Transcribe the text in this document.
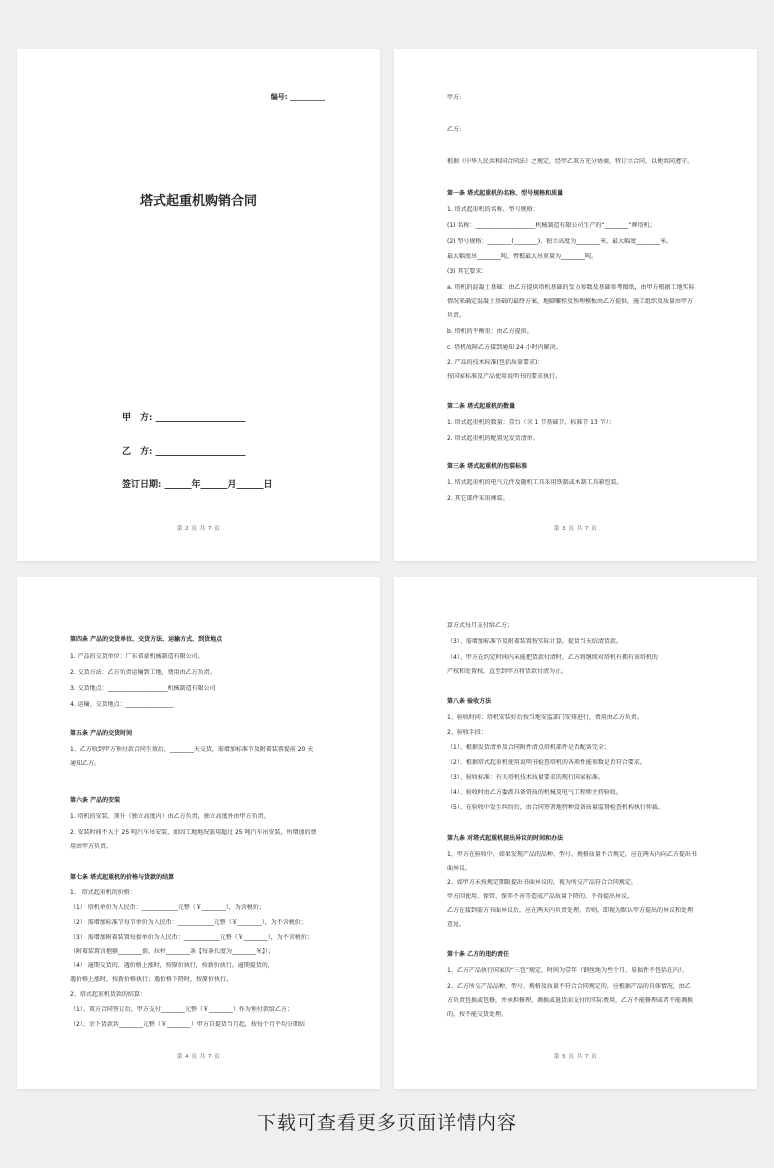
编号: __________
塔式起重机购销合同
甲　方: ____________________
乙　方: ____________________
签订日期: ______年______月______日
第 2 页 共 7 页
甲方:
乙方:
根据《中华人民共和国合同法》之规定，经甲乙双方充分协商，特订立合同，以便共同遵守。
第一条 塔式起重机的名称、型号规格和质量
1. 塔式起重机的名称、型号规格：
(1) 名称：____________________机械制造有限公司生产的“________”牌塔机；
(2) 型号规格：________(________)，独立高度为________米，最大幅度________米，
最大幅度吊________吨，臂根最大吊重量为________吨。
(3) 其它要求：
a. 塔机的混凝土基础：由乙方提供塔机基础的受力参数及基础参考图纸，由甲方根据工地实际
情况来确定混凝土基础的最终方案，地脚螺栓及预埋模板由乙方提供，施工组织及质量由甲方
负责。
b. 塔机的平衡重：由乙方提供。
c. 塔机故障乙方接到通知 24 小时内解决。
2. 产品的技术标准(包括质量要求)：
按国家标准及产品使用说明书的要求执行。
第二条 塔式起重机的数量
1. 塔式起重机的数量：壹台（含 1 节基础节、标准节 13 节）；
2. 塔式起重机的配置见发货清单。
第三条 塔式起重机的包装标准
1. 塔式起重机的电气元件及随机工具采用铁制或木制工具箱包装。
2. 其它部件采用裸装。
第 3 页 共 7 页
第四条 产品的交货单位、交货方法、运输方式、到货地点
1. 产品的交货单位：广东省豪机械制造有限公司。
2. 交货方法：乙方负责运输到工地，费用由乙方负责。
3. 交货地点：____________________机械制造有限公司
4. 运输、交货地点：________________
第五条 产品的交货时间
1、乙方收到甲方预付款合同生效后，________天交货，需增加标准节及附着装置提前 20 天
通知乙方。
第六条 产品的安装
1. 塔机的安装、顶升（独立高度内）由乙方负责，独立高度外由甲方负责。
2. 安装时间不大于 25 吨汽车吊安装，如因工地地况需用超过 25 吨汽车吊安装，所增加的费
用由甲方负责。
第七条 塔式起重机的价格与货款的结算
1、 塔式起重机的价格：
（1） 塔机单价为人民币：____________元整（￥________），为含税价；
（2） 需增加标准节每节单价为人民币：____________元整（￥________），为不含税价；
（3） 需增加附着装置每套单价为人民币：____________元整（￥________），为不含税价；
（附着装置含抱箍________套，拉杆________条【每条长度为________米】）；
（4） 逾期交货的，遇价格上涨时，按原价执行，按新价执行。逾期提货的，
遇价格上涨时，按新价格执行；遇价格下降时，按原价执行。
2、塔式起重机货款的结算：
（1）、双方合同签订后，甲方支付________元整（￥________）作为预付款给乙方；
（2）、余下货款共________元整（￥________）甲方自提货当月起，按每个月平均分期结
第 4 页 共 7 页
算方式每月支付给乙方；
（3）、需增加标准节及附着装置按实际计算，提货当天结清货款。
（4）、甲方在约定时间内未能把货款付清时，乙方将继续对塔机有拥有该塔机的
产权和处置权，直至到甲方将货款付清为止。
第八条 验收方法
1、验收时间：塔机安装好后按当地安监部门安排进行，费用由乙方负责。
2、验收手段：
（1）、根据发货清单及合同附件清点塔机部件是否配备完全；
（2）、根据塔式起重机使用说明书检查塔机的各项性能参数是否符合要求。
（3）、验收标准：有关塔机技术质量要求的现行国家标准。
（4）、验收时由乙方委派具备资质的机械及电气工程师主持验收。
（5）、在验收中发生纠纷后，由合同签署地特种设备质量监督检查机构执行仲裁。
第九条 对塔式起重机提出异议的时间和办法
1、甲方在验收中，如果发现产品的品种、型号、规格质量不合规定，应在两天内向乙方提出书
面异议。
2、如甲方未按规定期限提出书面异议的，视为所交产品符合合同规定。
甲方因使用、保管、保养不善等造成产品质量下降的，不得提出异议。
乙方在接到需方书面异议后，应在两天内负责处理，否则，即视为默认甲方提出的异议和处理
意见。
第十条 乙方的违约责任
1、乙方产品执行国家的“三包”规定，时间为壹年（钢丝绳为叁个月、易损件不包括在内）。
2、乙方所交产品品种、型号、规格及质量不符合合同规定的，应根据产品的具体情况，由乙
方负责包换或包修，并承担修理、调换或退货而支付的实际费用，乙方不能修理或者不能调换
的，按不能交货处理。
第 5 页 共 7 页
下载可查看更多页面详情内容
